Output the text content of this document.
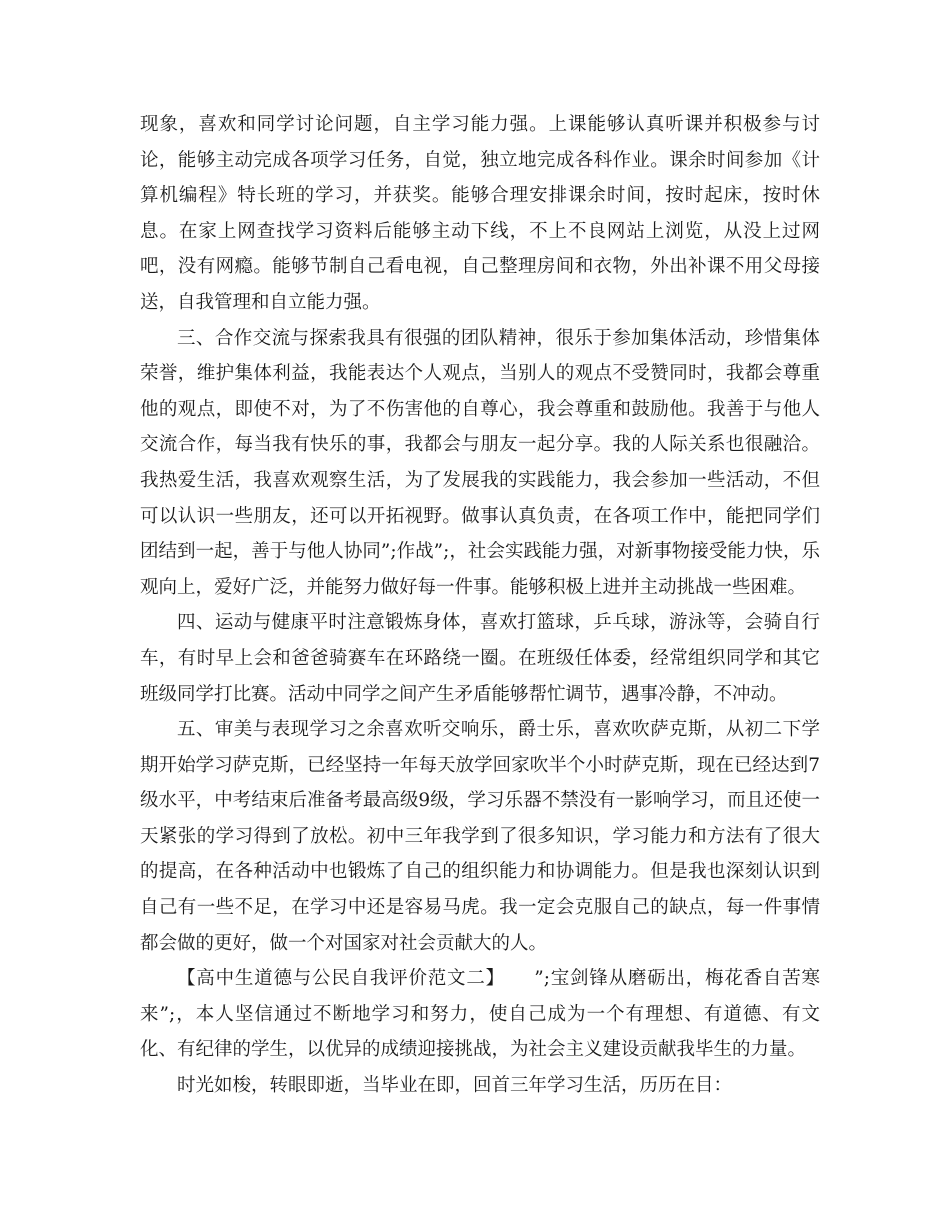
现象，喜欢和同学讨论问题，自主学习能力强。上课能够认真听课并积极参与讨论，能够主动完成各项学习任务，自觉，独立地完成各科作业。课余时间参加《计算机编程》特长班的学习，并获奖。能够合理安排课余时间，按时起床，按时休息。在家上网查找学习资料后能够主动下线，不上不良网站上浏览，从没上过网吧，没有网瘾。能够节制自己看电视，自己整理房间和衣物，外出补课不用父母接送，自我管理和自立能力强。

三、合作交流与探索我具有很强的团队精神，很乐于参加集体活动，珍惜集体荣誉，维护集体利益，我能表达个人观点，当别人的观点不受赞同时，我都会尊重他的观点，即使不对，为了不伤害他的自尊心，我会尊重和鼓励他。我善于与他人交流合作，每当我有快乐的事，我都会与朋友一起分享。我的人际关系也很融洽。我热爱生活，我喜欢观察生活，为了发展我的实践能力，我会参加一些活动，不但可以认识一些朋友，还可以开拓视野。做事认真负责，在各项工作中，能把同学们团结到一起，善于与他人协同”;作战”;，社会实践能力强，对新事物接受能力快，乐观向上，爱好广泛，并能努力做好每一件事。能够积极上进并主动挑战一些困难。

四、运动与健康平时注意锻炼身体，喜欢打篮球，乒乓球，游泳等，会骑自行车，有时早上会和爸爸骑赛车在环路绕一圈。在班级任体委，经常组织同学和其它班级同学打比赛。活动中同学之间产生矛盾能够帮忙调节，遇事冷静，不冲动。

五、审美与表现学习之余喜欢听交响乐，爵士乐，喜欢吹萨克斯，从初二下学期开始学习萨克斯，已经坚持一年每天放学回家吹半个小时萨克斯，现在已经达到7级水平，中考结束后准备考最高级9级，学习乐器不禁没有一影响学习，而且还使一天紧张的学习得到了放松。初中三年我学到了很多知识，学习能力和方法有了很大的提高，在各种活动中也锻炼了自己的组织能力和协调能力。但是我也深刻认识到自己有一些不足，在学习中还是容易马虎。我一定会克服自己的缺点，每一件事情都会做的更好，做一个对国家对社会贡献大的人。

【高中生道德与公民自我评价范文二】　　”;宝剑锋从磨砺出，梅花香自苦寒来”;，本人坚信通过不断地学习和努力，使自己成为一个有理想、有道德、有文化、有纪律的学生，以优异的成绩迎接挑战，为社会主义建设贡献我毕生的力量。

时光如梭，转眼即逝，当毕业在即，回首三年学习生活，历历在目：
